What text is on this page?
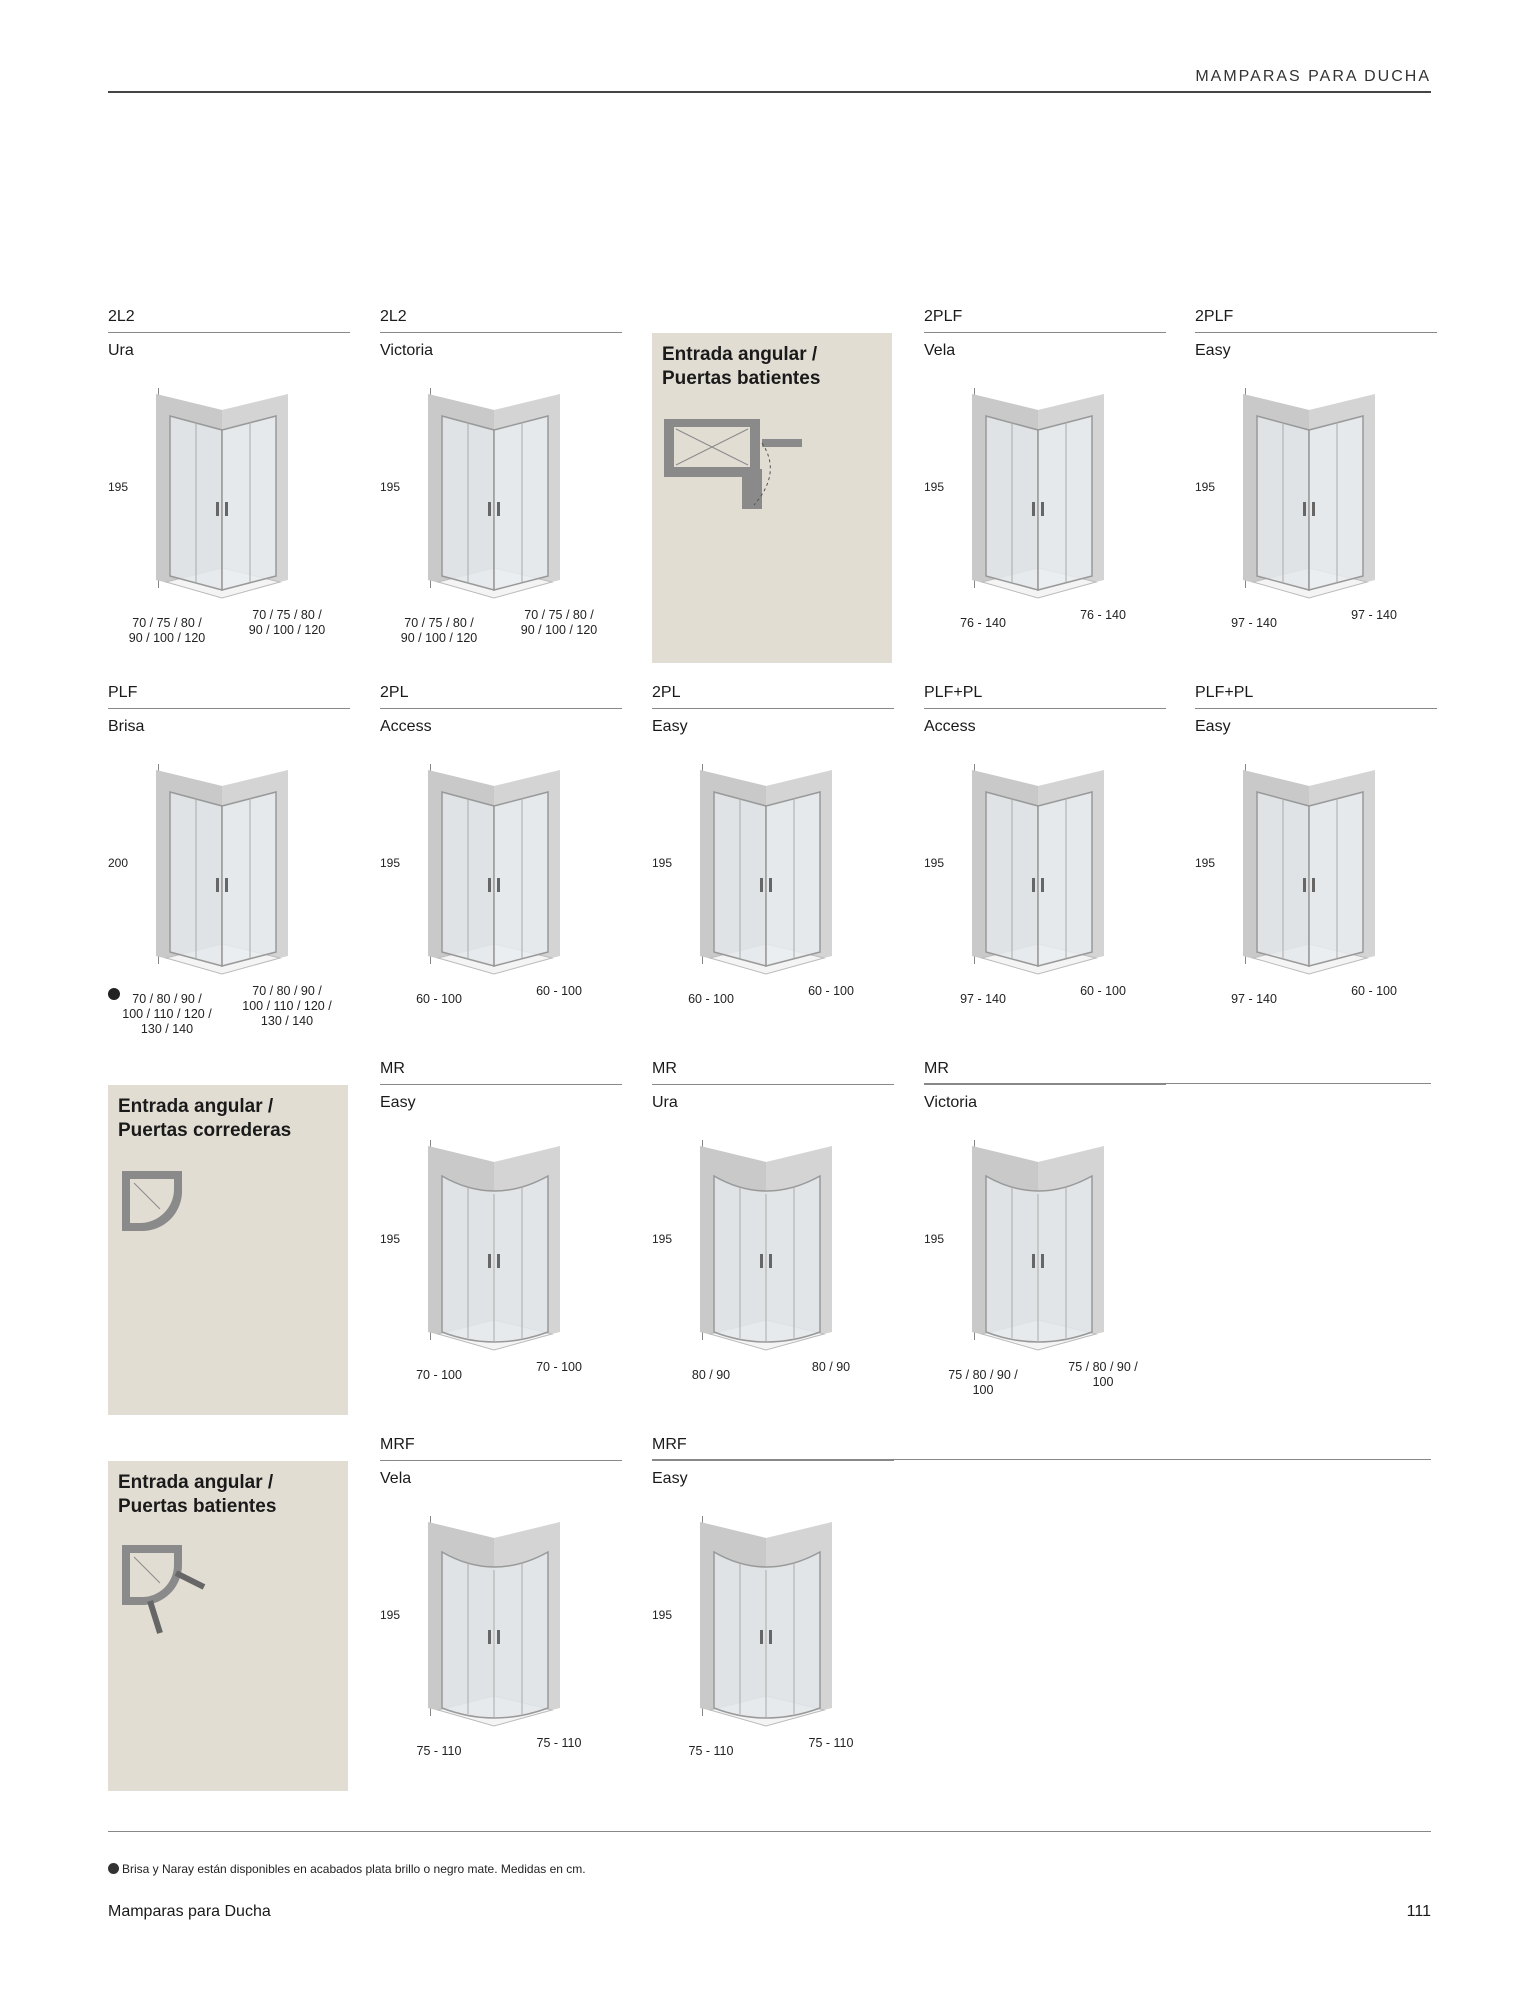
MAMPARAS PARA DUCHA
2L2
Ura
195
70 / 75 / 80 /
90 / 100 / 120
70 / 75 / 80 /
90 / 100 / 120
2L2
Victoria
195
70 / 75 / 80 /
90 / 100 / 120
70 / 75 / 80 /
90 / 100 / 120
2PLF
Vela
195
76 - 140
76 - 140
2PLF
Easy
195
97 - 140
97 - 140
PLF
Brisa
200
70 / 80 / 90 /
100 / 110 / 120 /
130 / 140
70 / 80 / 90 /
100 / 110 / 120 /
130 / 140
2PL
Access
195
60 - 100
60 - 100
2PL
Easy
195
60 - 100
60 - 100
PLF+PL
Access
195
97 - 140
60 - 100
PLF+PL
Easy
195
97 - 140
60 - 100
MR
Easy
195
70 - 100
70 - 100
MR
Ura
195
80 / 90
80 / 90
MR
Victoria
195
75 / 80 / 90 /
100
75 / 80 / 90 /
100
MRF
Vela
195
75 - 110
75 - 110
MRF
Easy
195
75 - 110
75 - 110
Entrada angular /
Puertas batientes
Entrada angular /
Puertas correderas
Entrada angular /
Puertas batientes
Brisa y Naray están disponibles en acabados plata brillo o negro mate. Medidas en cm.
Mamparas para Ducha	111
